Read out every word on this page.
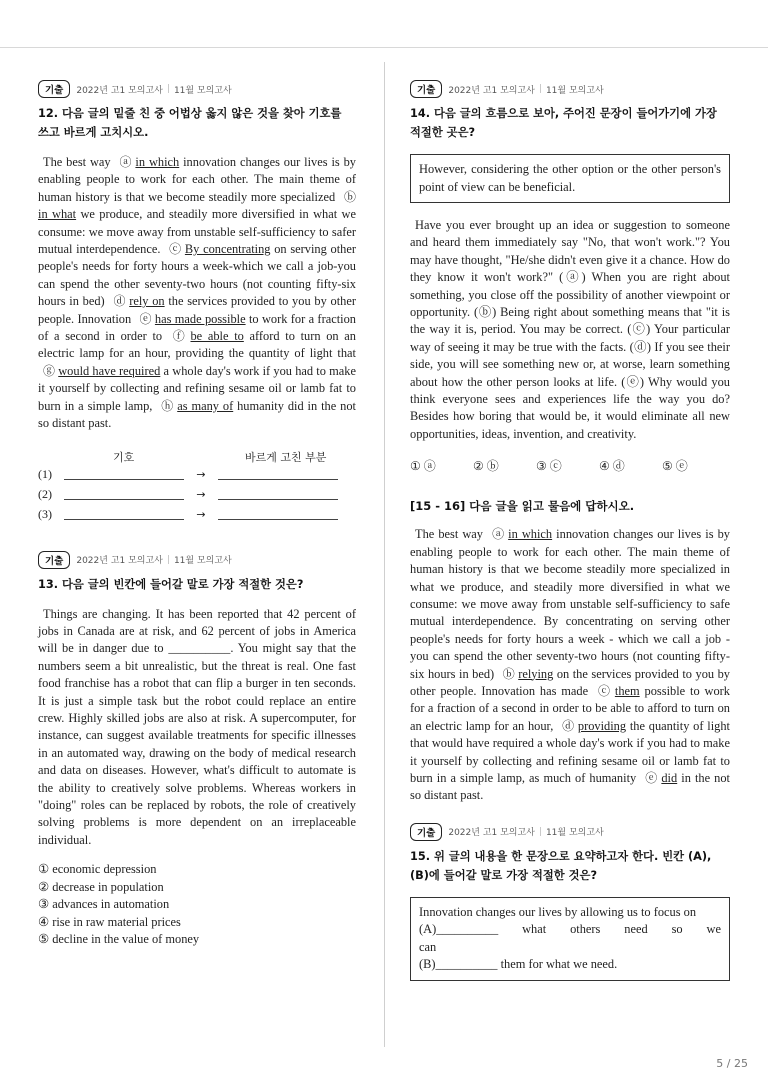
기출	2022년 고1 모의고사 | 11월 모의고사
12. 다음 글의 밑줄 친 중 어법상 옳지 않은 것을 찾아 기호를 쓰고 바르게 고치시오.

The best way ⓐ in which innovation changes our lives is by enabling people to work for each other. The main theme of human history is that we become steadily more specialized ⓑ in what we produce, and steadily more diversified in what we consume: we move away from unstable self-sufficiency to safer mutual interdependence. ⓒ By concentrating on serving other people's needs for forty hours a week-which we call a job-you can spend the other seventy-two hours (not counting fifty-six hours in bed) ⓓ rely on the services provided to you by other people. Innovation ⓔ has made possible to work for a fraction of a second in order to ⓕ be able to afford to turn on an electric lamp for an hour, providing the quantity of light that ⓖ would have required a whole day's work if you had to make it yourself by collecting and refining sesame oil or lamb fat to burn in a simple lamp, ⓗ as many of humanity did in the not so distant past.

기호	바르게 고친 부분
(1)	→
(2)	→
(3)	→
기출	2022년 고1 모의고사 | 11월 모의고사
13. 다음 글의 빈칸에 들어갈 말로 가장 적절한 것은?

Things are changing. It has been reported that 42 percent of jobs in Canada are at risk, and 62 percent of jobs in America will be in danger due to __________. You might say that the numbers seem a bit unrealistic, but the threat is real. One fast food franchise has a robot that can flip a burger in ten seconds. It is just a simple task but the robot could replace an entire crew. Highly skilled jobs are also at risk. A supercomputer, for instance, can suggest available treatments for specific illnesses in an automated way, drawing on the body of medical research and data on diseases. However, what's difficult to automate is the ability to creatively solve problems. Whereas workers in "doing" roles can be replaced by robots, the role of creatively solving problems is more dependent on an irreplaceable individual.

① economic depression
② decrease in population
③ advances in automation
④ rise in raw material prices
⑤ decline in the value of money
기출	2022년 고1 모의고사 | 11월 모의고사
14. 다음 글의 흐름으로 보아, 주어진 문장이 들어가기에 가장 적절한 곳은?
However, considering the other option or the other person's point of view can be beneficial.

Have you ever brought up an idea or suggestion to someone and heard them immediately say "No, that won't work."? You may have thought, "He/she didn't even give it a chance. How do they know it won't work?" (ⓐ) When you are right about something, you close off the possibility of another viewpoint or opportunity. (ⓑ) Being right about something means that "it is the way it is, period. You may be correct. (ⓒ) Your particular way of seeing it may be true with the facts. (ⓓ) If you see their side, you will see something new or, at worse, learn something about how the other person looks at life. (ⓔ) Why would you think everyone sees and experiences life the way you do? Besides how boring that would be, it would eliminate all new opportunities, ideas, invention, and creativity.

① ⓐ	② ⓑ	③ ⓒ	④ ⓓ	⑤ ⓔ
[15 - 16] 다음 글을 읽고 물음에 답하시오.

The best way ⓐ in which innovation changes our lives is by enabling people to work for each other. The main theme of human history is that we become steadily more specialized in what we produce, and steadily more diversified in what we consume: we move away from unstable self-sufficiency to safe mutual interdependence. By concentrating on serving other people's needs for forty hours a week - which we call a job - you can spend the other seventy-two hours (not counting fifty-six hours in bed) ⓑ relying on the services provided to you by other people. Innovation has made ⓒ them possible to work for a fraction of a second in order to be able to afford to turn on an electric lamp for an hour, ⓓ providing the quantity of light that would have required a whole day's work if you had to make it yourself by collecting and refining sesame oil or lamb fat to burn in a simple lamp, as much of humanity ⓔ did in the not so distant past.

기출	2022년 고1 모의고사 | 11월 모의고사
15. 위 글의 내용을 한 문장으로 요약하고자 한다. 빈칸 (A), (B)에 들어갈 말로 가장 적절한 것은?
Innovation changes our lives by allowing us to focus on
(A)__________ what others need so we can
(B)__________ them for what we need.
5 / 25
